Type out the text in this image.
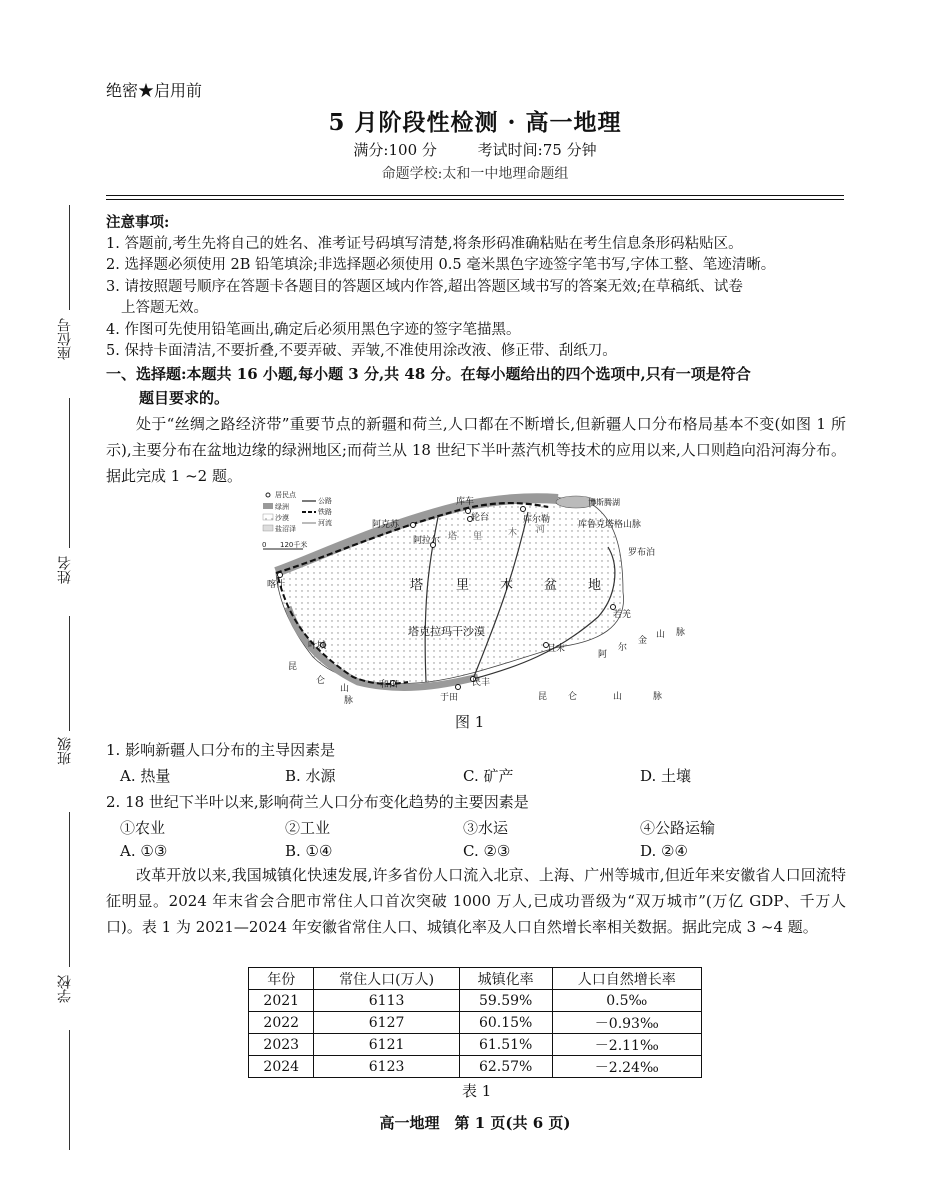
绝密★启用前
5 月阶段性检测 · 高一地理
满分:100 分	考试时间:75 分钟
命题学校:太和一中地理命题组
座位号
姓名
班级
学校

注意事项:

1. 答题前,考生先将自己的姓名、准考证号码填写清楚,将条形码准确粘贴在考生信息条形码粘贴区。

2. 选择题必须使用 2B 铅笔填涂;非选择题必须使用 0.5 毫米黑色字迹签字笔书写,字体工整、笔迹清晰。

3. 请按照题号顺序在答题卡各题目的答题区域内作答,超出答题区域书写的答案无效;在草稿纸、试卷

上答题无效。

4. 作图可先使用铅笔画出,确定后必须用黑色字迹的签字笔描黑。

5. 保持卡面清洁,不要折叠,不要弄破、弄皱,不准使用涂改液、修正带、刮纸刀。

一、选择题:本题共 16 小题,每小题 3 分,共 48 分。在每小题给出的四个选项中,只有一项是符合
题目要求的。
处于“丝绸之路经济带”重要节点的新疆和荷兰,人口都在不断增长,但新疆人口分布格局基本不变(如图 1 所示),主要分布在盆地边缘的绿洲地区;而荷兰从 18 世纪下半叶蒸汽机等技术的应用以来,人口则趋向沿河海分布。据此完成 1 ~2 题。
居民点
绿洲
沙漠
盐沼泽
公路
铁路
河流
0 120千米
库车
阿克苏
轮台	库尔勒
阿拉尔
喀什
叶城
和田
于田
民丰
且末
若羌
罗布泊
博斯腾湖
塔	里 木 盆 地
塔克拉玛干沙漠
塔 里	木 河	库鲁克塔格山脉
阿
尔
金
山 脉
昆 仑	山	脉
昆
仑
山
脉
图 1
1. 影响新疆人口分布的主导因素是
A. 热量	B. 水源	C. 矿产	D. 土壤
2. 18 世纪下半叶以来,影响荷兰人口分布变化趋势的主要因素是
①农业	②工业	③水运	④公路运输
A. ①③	B. ①④	C. ②③	D. ②④
改革开放以来,我国城镇化快速发展,许多省份人口流入北京、上海、广州等城市,但近年来安徽省人口回流特征明显。2024 年末省会合肥市常住人口首次突破 1000 万人,已成功晋级为“双万城市”(万亿 GDP、千万人口)。表 1 为 2021—2024 年安徽省常住人口、城镇化率及人口自然增长率相关数据。据此完成 3 ~4 题。
年份	常住人口(万人)	城镇化率	人口自然增长率
2021	6113	59.59%	0.5‰
2022	6127	60.15%	－0.93‰
2023	6121	61.51%	－2.11‰
2024	6123	62.57%	－2.24‰
表 1
高一地理　第 1 页(共 6 页)
